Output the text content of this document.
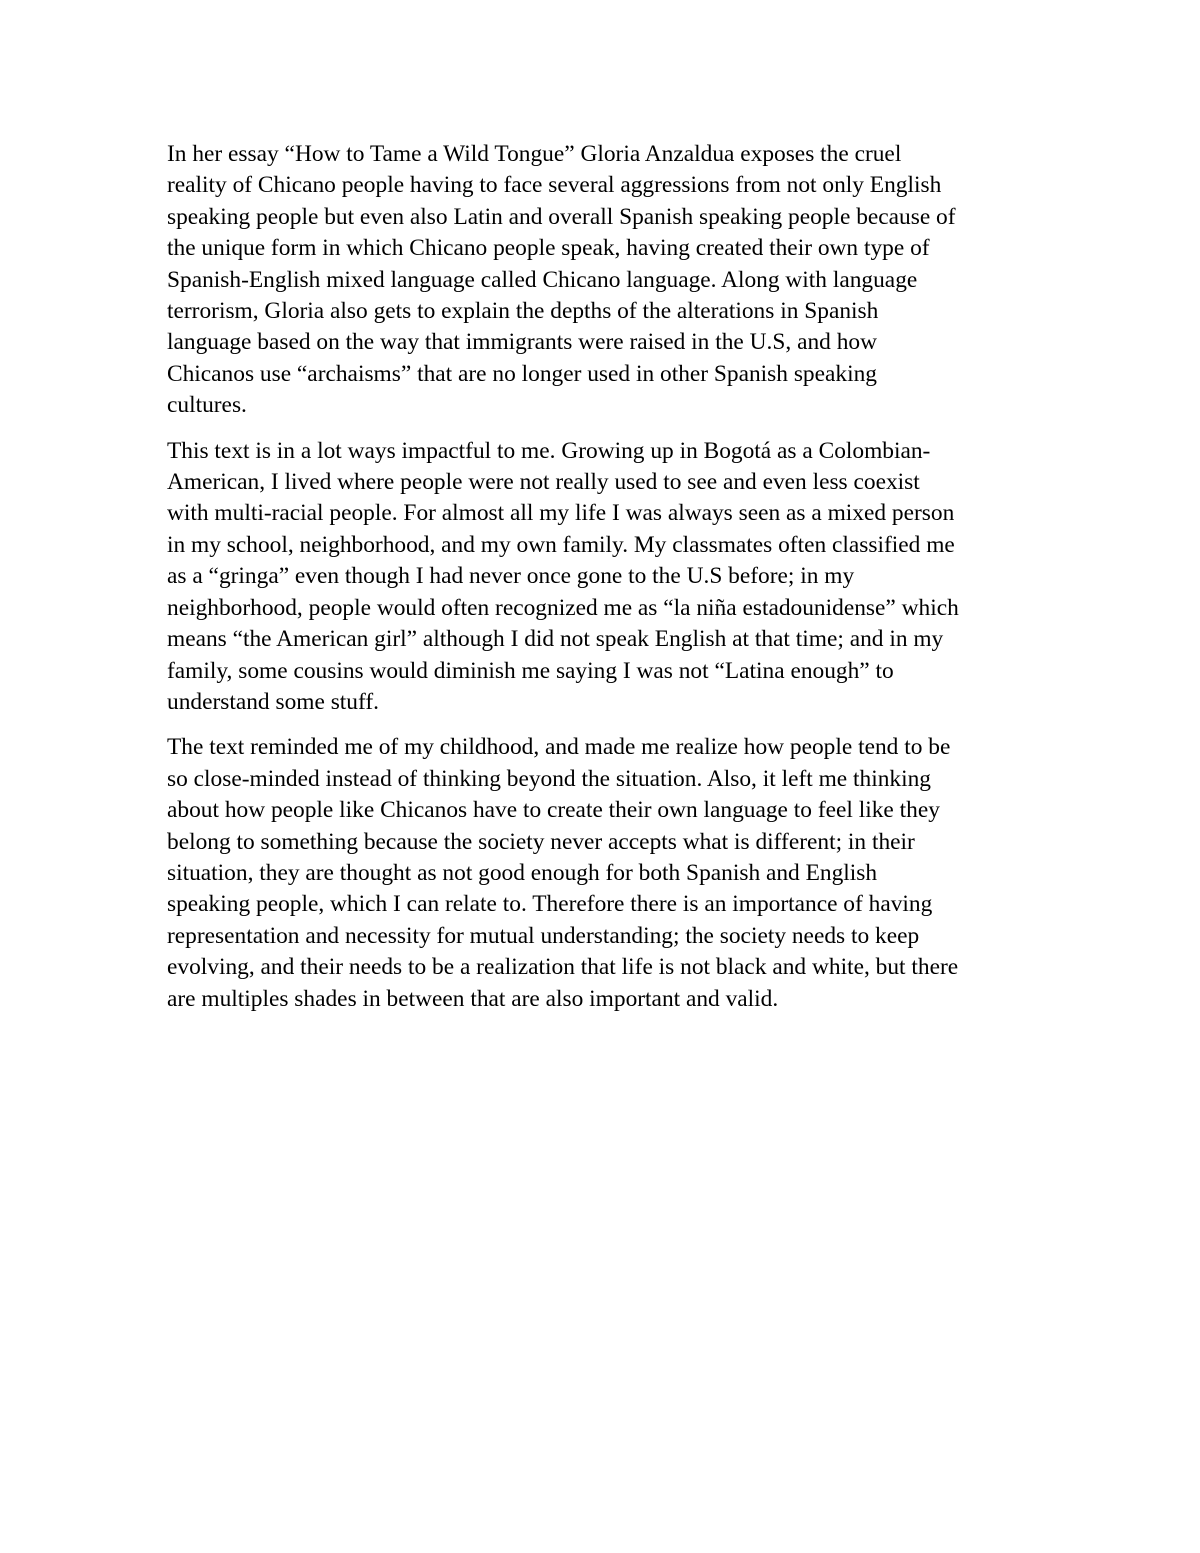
In her essay “How to Tame a Wild Tongue” Gloria Anzaldua exposes the cruel
reality of Chicano people having to face several aggressions from not only English
speaking people but even also Latin and overall Spanish speaking people because of
the unique form in which Chicano people speak, having created their own type of
Spanish-English mixed language called Chicano language. Along with language
terrorism, Gloria also gets to explain the depths of the alterations in Spanish
language based on the way that immigrants were raised in the U.S, and how
Chicanos use “archaisms” that are no longer used in other Spanish speaking
cultures.

This text is in a lot ways impactful to me. Growing up in Bogotá as a Colombian-
American, I lived where people were not really used to see and even less coexist
with multi-racial people. For almost all my life I was always seen as a mixed person
in my school, neighborhood, and my own family. My classmates often classified me
as a “gringa” even though I had never once gone to the U.S before; in my
neighborhood, people would often recognized me as “la niña estadounidense” which
means “the American girl” although I did not speak English at that time; and in my
family, some cousins would diminish me saying I was not “Latina enough” to
understand some stuff.

The text reminded me of my childhood, and made me realize how people tend to be
so close-minded instead of thinking beyond the situation. Also, it left me thinking
about how people like Chicanos have to create their own language to feel like they
belong to something because the society never accepts what is different; in their
situation, they are thought as not good enough for both Spanish and English
speaking people, which I can relate to. Therefore there is an importance of having
representation and necessity for mutual understanding; the society needs to keep
evolving, and their needs to be a realization that life is not black and white, but there
are multiples shades in between that are also important and valid.
